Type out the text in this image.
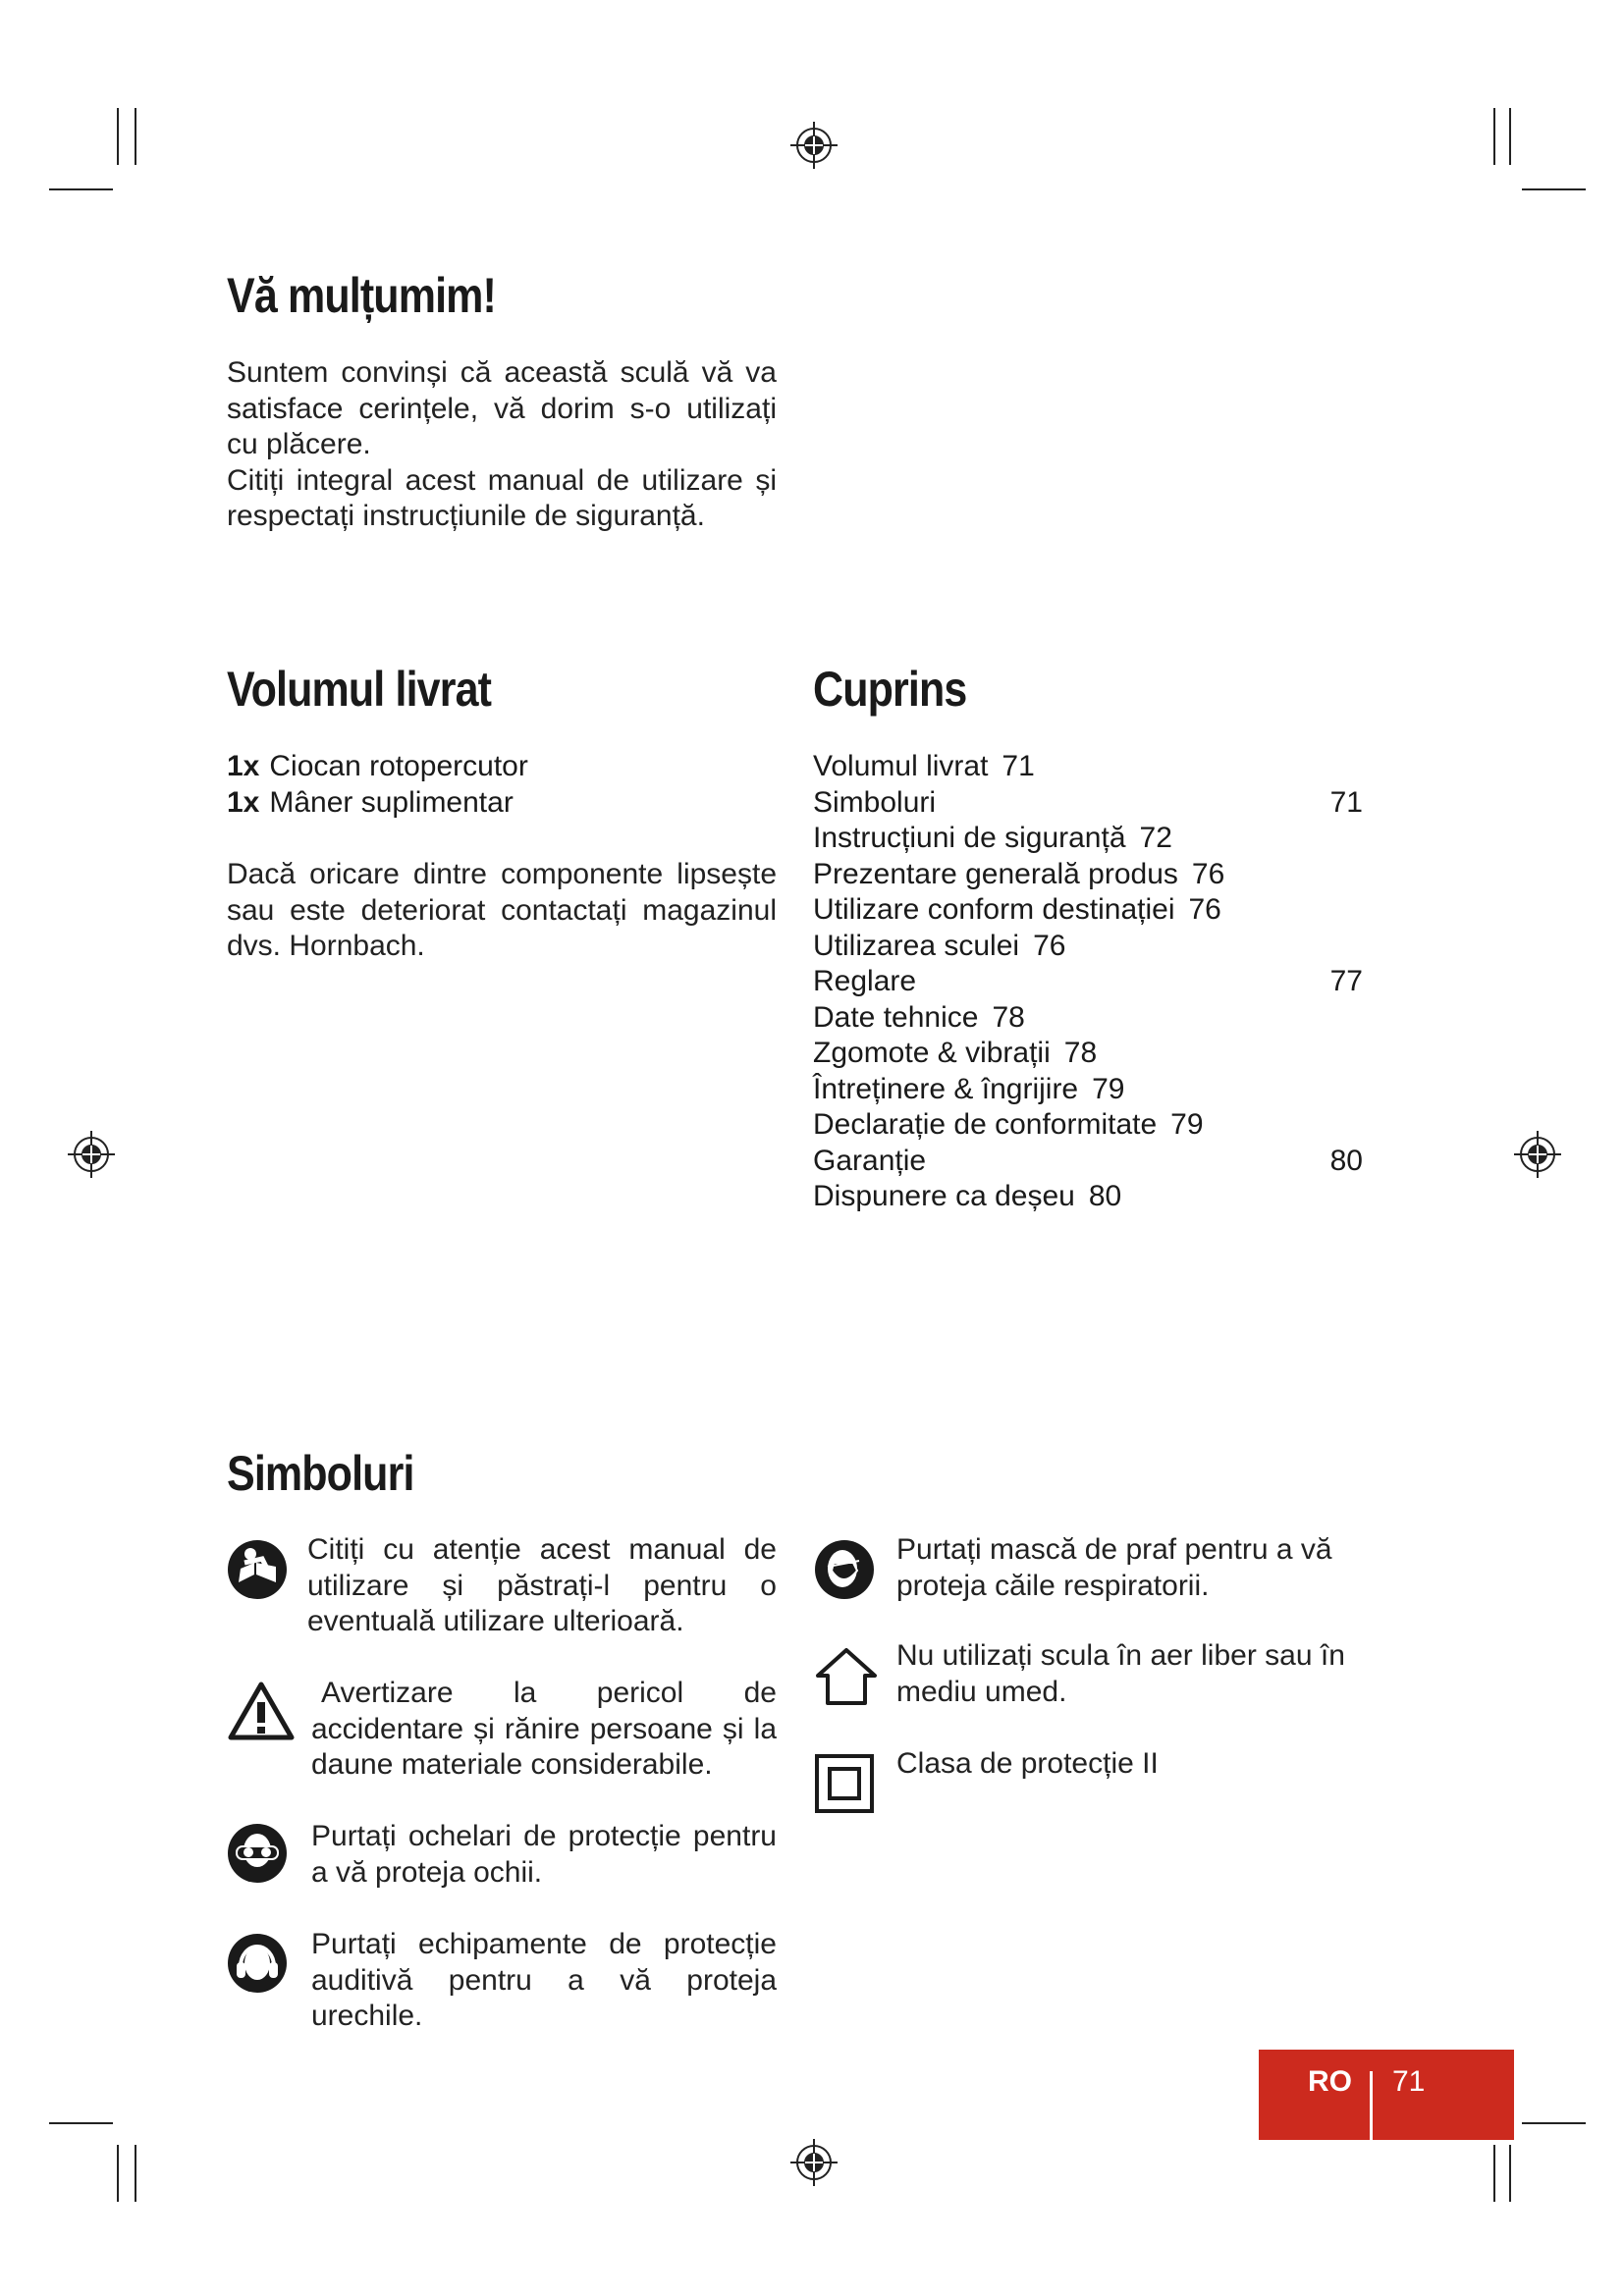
Vă mulțumim!

Suntem convinși că această sculă vă va satisface cerințele, vă dorim s-o utilizați cu plăcere.
Citiți integral acest manual de utilizare și respectați instrucțiunile de siguranță.

Volumul livrat
1x Ciocan rotopercutor
1x Mâner suplimentar

Dacă oricare dintre componente lipsește sau este deteriorat contactați magazinul dvs. Hornbach.

Cuprins
Volumul livrat 71
Simboluri	71
Instrucțiuni de siguranță 72
Prezentare generală produs 76
Utilizare conform destinației 76
Utilizarea sculei 76
Reglare	77
Date tehnice 78
Zgomote & vibrații 78
Întreținere & îngrijire 79
Declarație de conformitate 79
Garanție	80
Dispunere ca deșeu 80
Simboluri

Citiți cu atenție acest manual de utilizare și păstrați-l pentru o eventuală utilizare ulterioară.

Avertizare la pericol de accidentare și rănire persoane și la daune materiale considerabile.

Purtați ochelari de protecție pentru a vă proteja ochii.

Purtați echipamente de protecție auditivă pentru a vă proteja urechile.

Purtați mască de praf pentru a vă proteja căile respiratorii.

Nu utilizați scula în aer liber sau în mediu umed.

Clasa de protecție II

RO 71
